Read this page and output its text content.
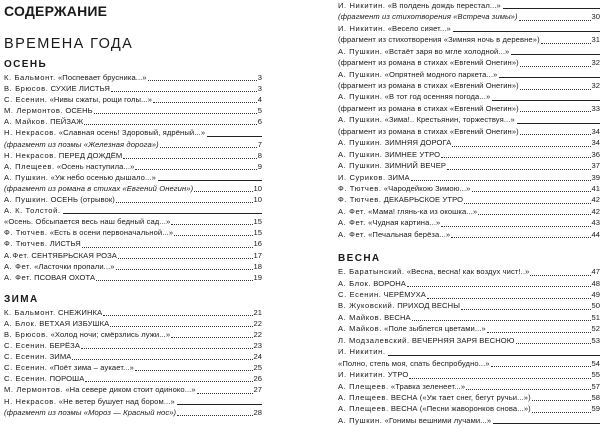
СОДЕРЖАНИЕ
ВРЕМЕНА ГОДА
ОСЕНЬ
К. Бальмонт. «Поспевает брусника...»	3
В. Брюсов. СУХИЕ ЛИСТЬЯ	3
С. Есенин. «Нивы сжаты, рощи голы...»	4
М. Лермонтов. ОСЕНЬ	5
А. Майков. ПЕЙЗАЖ	6
Н. Некрасов. «Славная осень! Здоровый, ядрёный...»
(фрагмент из поэмы «Железная дорога»)	7
Н. Некрасов. ПЕРЕД ДОЖДЁМ	8
А. Плещеев. «Осень наступила...»	9
А. Пушкин. «Уж небо осенью дышало...»
(фрагмент из романа в стихах «Евгений Онегин»)	10
А. Пушкин. ОСЕНЬ (отрывок)	10
А. К. Толстой.
«Осень. Обсыпается весь наш бедный сад...»	15
Ф. Тютчев. «Есть в осени первоначальной...»	15
Ф. Тютчев. ЛИСТЬЯ	16
А.Фет. СЕНТЯБРЬСКАЯ РОЗА	17
А. Фет. «Ласточки пропали...»	18
А. Фет. ПСОВАЯ ОХОТА	19
ЗИМА
К. Бальмонт. СНЕЖИНКА	21
А. Блок. ВЕТХАЯ ИЗБУШКА	22
В. Брюсов. «Холод ночи; смёрзлись лужи...»	22
С. Есенин. БЕРЁЗА	23
С. Есенин. ЗИМА	24
С. Есенин. «Поёт зима – аукает...»	25
С. Есенин. ПОРОША	26
М. Лермонтов. «На севере диком стоит одиноко...»	27
Н. Некрасов. «Не ветер бушует над бором...»
(фрагмент из поэмы «Мороз — Красный нос»)	28
И. Никитин. «В полдень дождь перестал...»
(фрагмент из стихотворения «Встреча зимы»)	30
И. Никитин. «Весело сияет...»
(фрагмент из стихотворения «Зимняя ночь в деревне»)	31
А. Пушкин. «Встаёт заря во мгле холодной...»
(фрагмент из романа в стихах «Евгений Онегин»)	32
А. Пушкин. «Опрятней модного паркета...»
(фрагмент из романа в стихах «Евгений Онегин»)	32
А. Пушкин. «В тот год осенняя погода...»
(фрагмент из романа в стихах «Евгений Онегин»)	33
А. Пушкин. «Зима!.. Крестьянин, торжествуя...»
(фрагмент из романа в стихах «Евгений Онегин»)	34
А. Пушкин. ЗИМНЯЯ ДОРОГА	34
А. Пушкин. ЗИМНЕЕ УТРО	36
А. Пушкин. ЗИМНИЙ ВЕЧЕР	37
И. Суриков. ЗИМА	39
Ф. Тютчев. «Чародейкою Зимою...»	41
Ф. Тютчев. ДЕКАБРЬСКОЕ УТРО	42
А. Фет. «Мама! глянь-ка из окошка...»	42
А. Фет. «Чудная картина...»	43
А. Фет. «Печальная берёза...»	44
ВЕСНА
Е. Баратынский. «Весна, весна! как воздух чист!..»	47
А. Блок. ВОРОНА	48
С. Есенин. ЧЕРЁМУХА	49
В. Жуковский. ПРИХОД ВЕСНЫ	50
А. Майков. ВЕСНА	51
А. Майков. «Поле зыблется цветами...»	52
Л. Модзалевский. ВЕЧЕРНЯЯ ЗАРЯ ВЕСНОЮ	53
И. Никитин.
«Полно, степь моя, спать беспробудно...»	54
И. Никитин. УТРО	55
А. Плещеев. «Травка зеленеет...»	57
А. Плещеев. ВЕСНА («Уж тает снег, бегут ручьи...»)	58
А. Плещеев. ВЕСНА («Песни жаворонков снова...»)	59
А. Пушкин. «Гонимы вешними лучами...»
